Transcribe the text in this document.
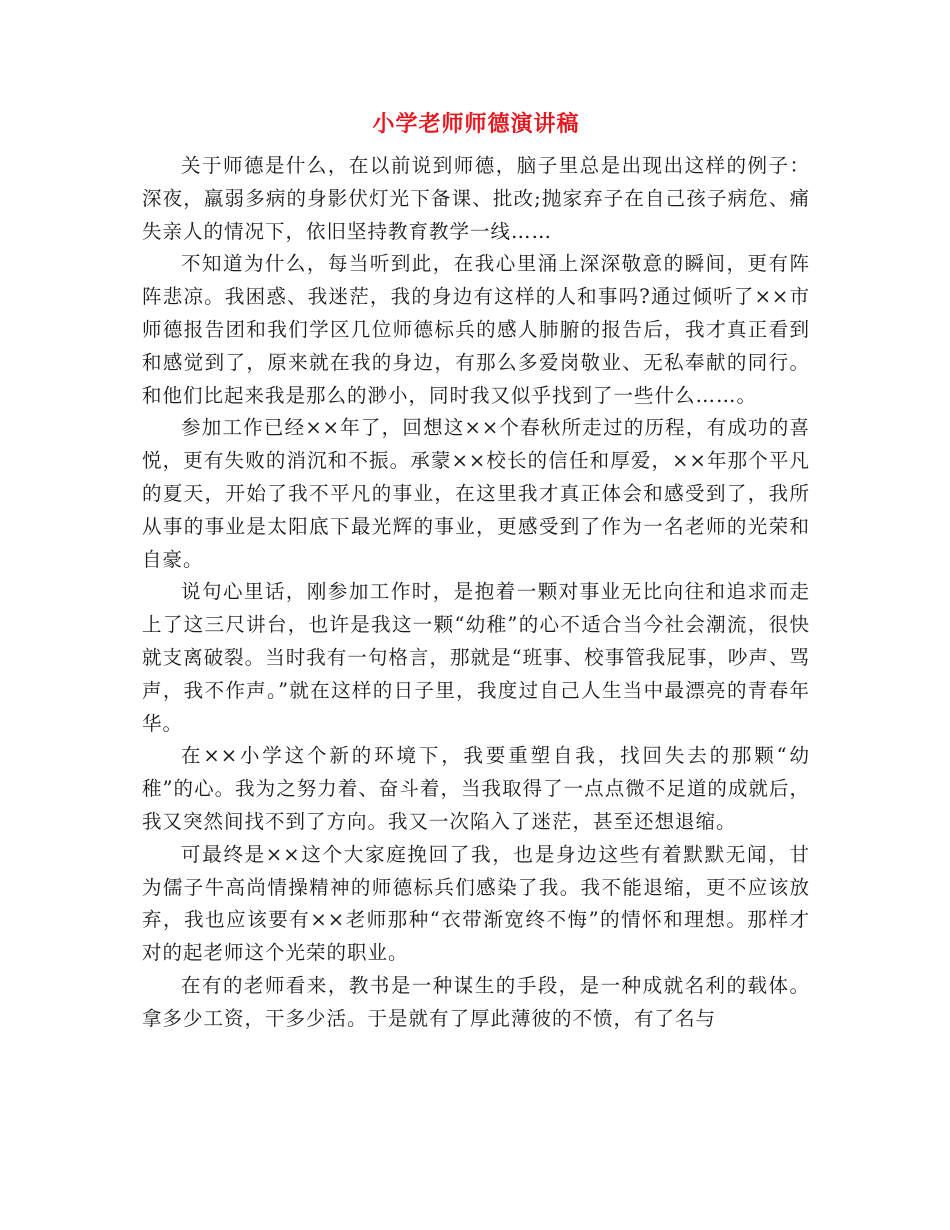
小学老师师德演讲稿

关于师德是什么，在以前说到师德，脑子里总是出现出这样的例子：深夜，羸弱多病的身影伏灯光下备课、批改;抛家弃子在自己孩子病危、痛失亲人的情况下，依旧坚持教育教学一线……

不知道为什么，每当听到此，在我心里涌上深深敬意的瞬间，更有阵阵悲凉。我困惑、我迷茫，我的身边有这样的人和事吗?通过倾听了××市师德报告团和我们学区几位师德标兵的感人肺腑的报告后，我才真正看到和感觉到了，原来就在我的身边，有那么多爱岗敬业、无私奉献的同行。和他们比起来我是那么的渺小，同时我又似乎找到了一些什么……。

参加工作已经××年了，回想这××个春秋所走过的历程，有成功的喜悦，更有失败的消沉和不振。承蒙××校长的信任和厚爱，××年那个平凡的夏天，开始了我不平凡的事业，在这里我才真正体会和感受到了，我所从事的事业是太阳底下最光辉的事业，更感受到了作为一名老师的光荣和自豪。

说句心里话，刚参加工作时，是抱着一颗对事业无比向往和追求而走上了这三尺讲台，也许是我这一颗“幼稚”的心不适合当今社会潮流，很快就支离破裂。当时我有一句格言，那就是“班事、校事管我屁事，吵声、骂声，我不作声。”就在这样的日子里，我度过自己人生当中最漂亮的青春年华。

在××小学这个新的环境下，我要重塑自我，找回失去的那颗“幼稚”的心。我为之努力着、奋斗着，当我取得了一点点微不足道的成就后，我又突然间找不到了方向。我又一次陷入了迷茫，甚至还想退缩。

可最终是××这个大家庭挽回了我，也是身边这些有着默默无闻，甘为儒子牛高尚情操精神的师德标兵们感染了我。我不能退缩，更不应该放弃，我也应该要有××老师那种“衣带渐宽终不悔”的情怀和理想。那样才对的起老师这个光荣的职业。

在有的老师看来，教书是一种谋生的手段，是一种成就名利的载体。拿多少工资，干多少活。于是就有了厚此薄彼的不愤，有了名与
